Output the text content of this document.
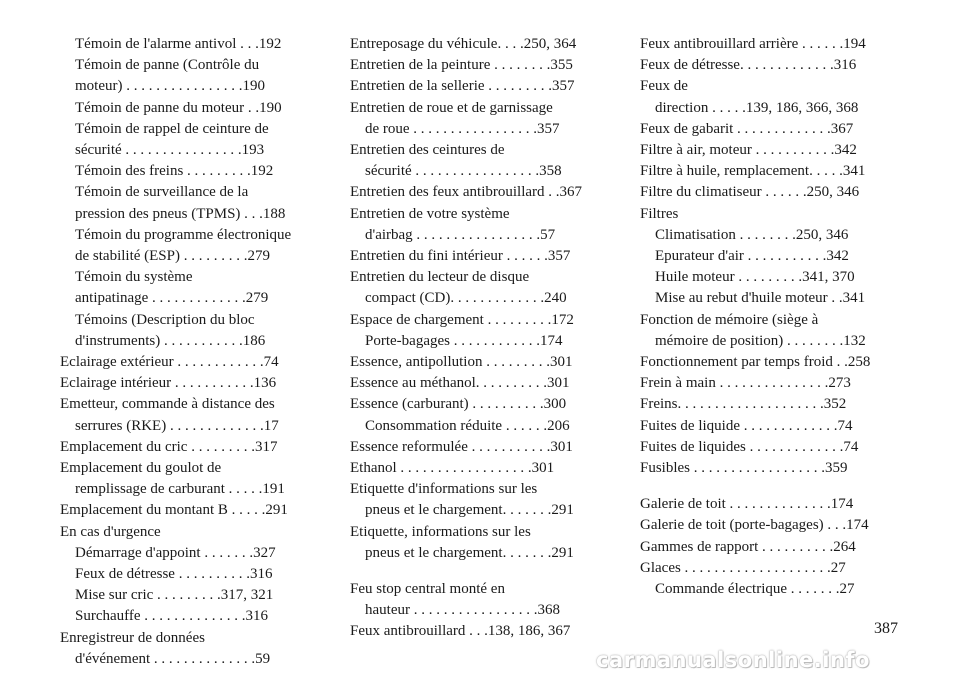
Témoin de l'alarme antivol . . .192
Témoin de panne (Contrôle du
moteur) . . . . . . . . . . . . . . . .190
Témoin de panne du moteur . .190
Témoin de rappel de ceinture de
sécurité . . . . . . . . . . . . . . . .193
Témoin des freins . . . . . . . . .192
Témoin de surveillance de la
pression des pneus (TPMS) . . .188
Témoin du programme électronique
de stabilité (ESP) . . . . . . . . .279
Témoin du système
antipatinage . . . . . . . . . . . . .279
Témoins (Description du bloc
d'instruments) . . . . . . . . . . .186
Eclairage extérieur . . . . . . . . . . . .74
Eclairage intérieur . . . . . . . . . . .136
Emetteur, commande à distance des
serrures (RKE) . . . . . . . . . . . . .17
Emplacement du cric . . . . . . . . .317
Emplacement du goulot de
remplissage de carburant . . . . .191
Emplacement du montant B . . . . .291
En cas d'urgence
Démarrage d'appoint . . . . . . .327
Feux de détresse . . . . . . . . . .316
Mise sur cric . . . . . . . . .317, 321
Surchauffe . . . . . . . . . . . . . .316
Enregistreur de données
d'événement . . . . . . . . . . . . . .59
Entreposage du véhicule. . . .250, 364
Entretien de la peinture . . . . . . . .355
Entretien de la sellerie . . . . . . . . .357
Entretien de roue et de garnissage
de roue . . . . . . . . . . . . . . . . .357
Entretien des ceintures de
sécurité . . . . . . . . . . . . . . . . .358
Entretien des feux antibrouillard . .367
Entretien de votre système
d'airbag . . . . . . . . . . . . . . . . .57
Entretien du fini intérieur . . . . . .357
Entretien du lecteur de disque
compact (CD). . . . . . . . . . . . .240
Espace de chargement . . . . . . . . .172
Porte-bagages . . . . . . . . . . . .174
Essence, antipollution . . . . . . . . .301
Essence au méthanol. . . . . . . . . .301
Essence (carburant) . . . . . . . . . .300
Consommation réduite . . . . . .206
Essence reformulée . . . . . . . . . . .301
Ethanol . . . . . . . . . . . . . . . . . .301
Etiquette d'informations sur les
pneus et le chargement. . . . . . .291
Etiquette, informations sur les
pneus et le chargement. . . . . . .291
Feu stop central monté en
hauteur . . . . . . . . . . . . . . . . .368
Feux antibrouillard . . .138, 186, 367
Feux antibrouillard arrière . . . . . .194
Feux de détresse. . . . . . . . . . . . .316
Feux de
direction . . . . .139, 186, 366, 368
Feux de gabarit . . . . . . . . . . . . .367
Filtre à air, moteur . . . . . . . . . . .342
Filtre à huile, remplacement. . . . .341
Filtre du climatiseur . . . . . .250, 346
Filtres
Climatisation . . . . . . . .250, 346
Epurateur d'air . . . . . . . . . . .342
Huile moteur . . . . . . . . .341, 370
Mise au rebut d'huile moteur . .341
Fonction de mémoire (siège à
mémoire de position) . . . . . . . .132
Fonctionnement par temps froid . .258
Frein à main . . . . . . . . . . . . . . .273
Freins. . . . . . . . . . . . . . . . . . . .352
Fuites de liquide . . . . . . . . . . . . .74
Fuites de liquides . . . . . . . . . . . . .74
Fusibles . . . . . . . . . . . . . . . . . .359
Galerie de toit . . . . . . . . . . . . . .174
Galerie de toit (porte-bagages) . . .174
Gammes de rapport . . . . . . . . . .264
Glaces . . . . . . . . . . . . . . . . . . . .27
Commande électrique . . . . . . .27
387
carmanualsonline.info
